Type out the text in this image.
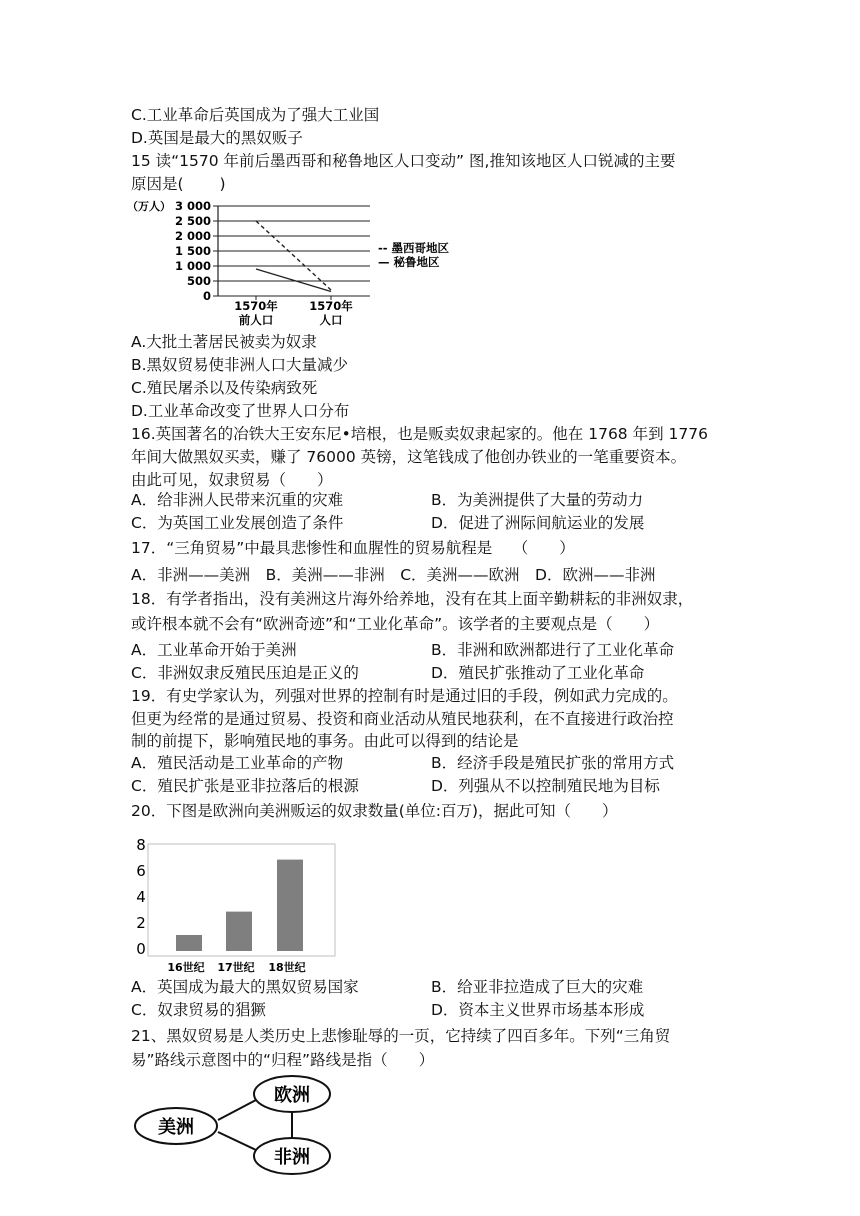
C.工业革命后英国成为了强大工业国
D.英国是最大的黑奴贩子
15 读“1570 年前后墨西哥和秘鲁地区人口变动” 图,推知该地区人口锐减的主要
原因是(　　 )
（万人）
0
500
1 000
1 500
2 000
2 500
3 000
1570年
前人口
1570年
人口
-- 墨西哥地区
— 秘鲁地区
A.大批土著居民被卖为奴隶
B.黑奴贸易使非洲人口大量减少
C.殖民屠杀以及传染病致死
D.工业革命改变了世界人口分布
16.英国著名的冶铁大王安东尼•培根，也是贩卖奴隶起家的。他在 1768 年到 1776
年间大做黑奴买卖，赚了 76000 英镑，这笔钱成了他创办铁业的一笔重要资本。
由此可见，奴隶贸易（　　）
A．给非洲人民带来沉重的灾难	B．为美洲提供了大量的劳动力
C．为英国工业发展创造了条件	D．促进了洲际间航运业的发展
17．“三角贸易”中最具悲惨性和血腥性的贸易航程是　 （　　）
A．非洲——美洲　B．美洲——非洲　C．美洲——欧洲　D．欧洲——非洲
18．有学者指出，没有美洲这片海外给养地，没有在其上面辛勤耕耘的非洲奴隶，
或许根本就不会有“欧洲奇迹”和“工业化革命”。该学者的主要观点是（　　）
A．工业革命开始于美洲	B．非洲和欧洲都进行了工业化革命
C．非洲奴隶反殖民压迫是正义的	D．殖民扩张推动了工业化革命
19．有史学家认为，列强对世界的控制有时是通过旧的手段，例如武力完成的。
但更为经常的是通过贸易、投资和商业活动从殖民地获利，在不直接进行政治控
制的前提下，影响殖民地的事务。由此可以得到的结论是
A．殖民活动是工业革命的产物	B．经济手段是殖民扩张的常用方式
C．殖民扩张是亚非拉落后的根源	D．列强从不以控制殖民地为目标
20．下图是欧洲向美洲贩运的奴隶数量(单位:百万)，据此可知（　　）
0
2
4
6
8
16世纪 17世纪 18世纪
A．英国成为最大的黑奴贸易国家	B．给亚非拉造成了巨大的灾难
C．奴隶贸易的猖獗	D．资本主义世界市场基本形成
21、黑奴贸易是人类历史上悲惨耻辱的一页，它持续了四百多年。下列“三角贸
易”路线示意图中的“归程”路线是指（　　）
欧洲
美洲
非洲
